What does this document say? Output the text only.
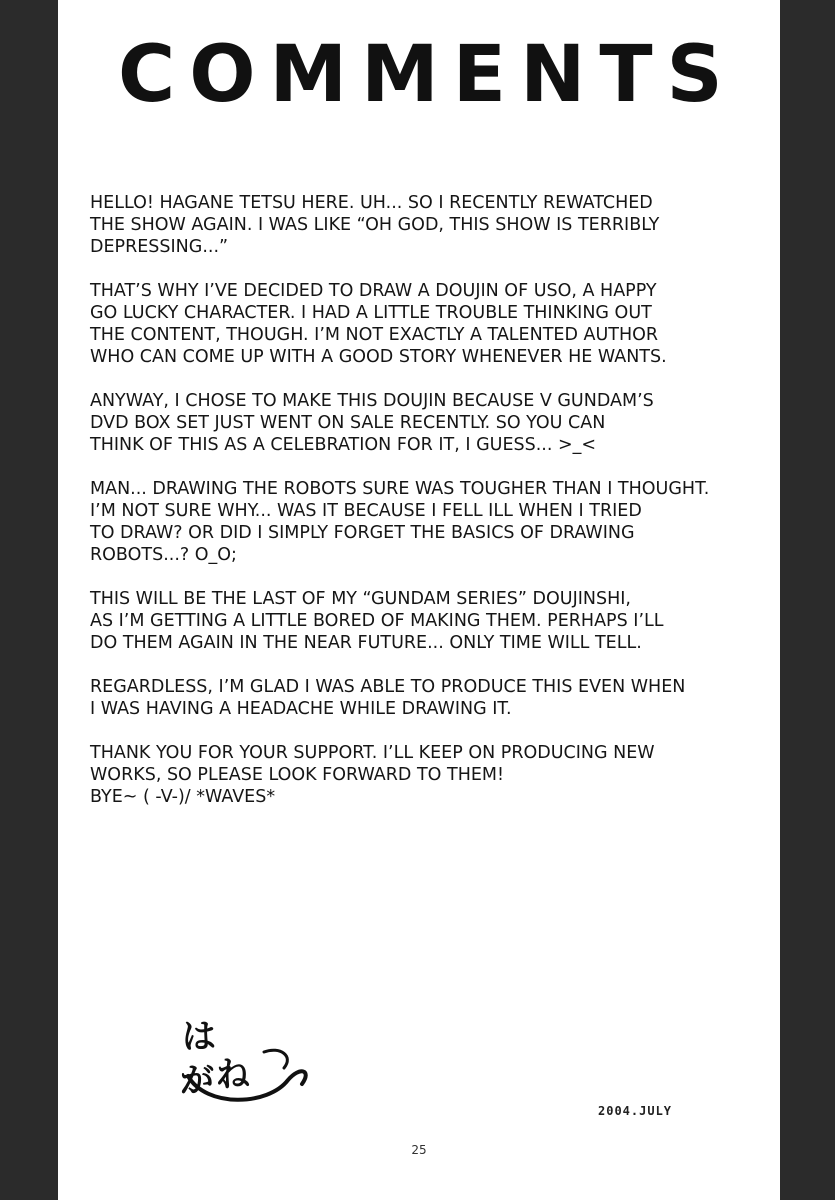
COMMENTS

HELLO! HAGANE TETSU HERE. UH... SO I RECENTLY REWATCHED
THE SHOW AGAIN. I WAS LIKE “OH GOD, THIS SHOW IS TERRIBLY
DEPRESSING...”

THAT’S WHY I’VE DECIDED TO DRAW A DOUJIN OF USO, A HAPPY
GO LUCKY CHARACTER. I HAD A LITTLE TROUBLE THINKING OUT
THE CONTENT, THOUGH. I’M NOT EXACTLY A TALENTED AUTHOR
WHO CAN COME UP WITH A GOOD STORY WHENEVER HE WANTS.

ANYWAY, I CHOSE TO MAKE THIS DOUJIN BECAUSE V GUNDAM’S
DVD BOX SET JUST WENT ON SALE RECENTLY. SO YOU CAN
THINK OF THIS AS A CELEBRATION FOR IT, I GUESS... >_<

MAN... DRAWING THE ROBOTS SURE WAS TOUGHER THAN I THOUGHT.
I’M NOT SURE WHY... WAS IT BECAUSE I FELL ILL WHEN I TRIED
TO DRAW? OR DID I SIMPLY FORGET THE BASICS OF DRAWING
ROBOTS...? O_O;

THIS WILL BE THE LAST OF MY “GUNDAM SERIES” DOUJINSHI,
AS I’M GETTING A LITTLE BORED OF MAKING THEM. PERHAPS I’LL
DO THEM AGAIN IN THE NEAR FUTURE... ONLY TIME WILL TELL.

REGARDLESS, I’M GLAD I WAS ABLE TO PRODUCE THIS EVEN WHEN
I WAS HAVING A HEADACHE WHILE DRAWING IT.

THANK YOU FOR YOUR SUPPORT. I’LL KEEP ON PRODUCING NEW
WORKS, SO PLEASE LOOK FORWARD TO THEM!
BYE~ ( -V-)/ *WAVES*

は
が ね
2004.JULY
25
